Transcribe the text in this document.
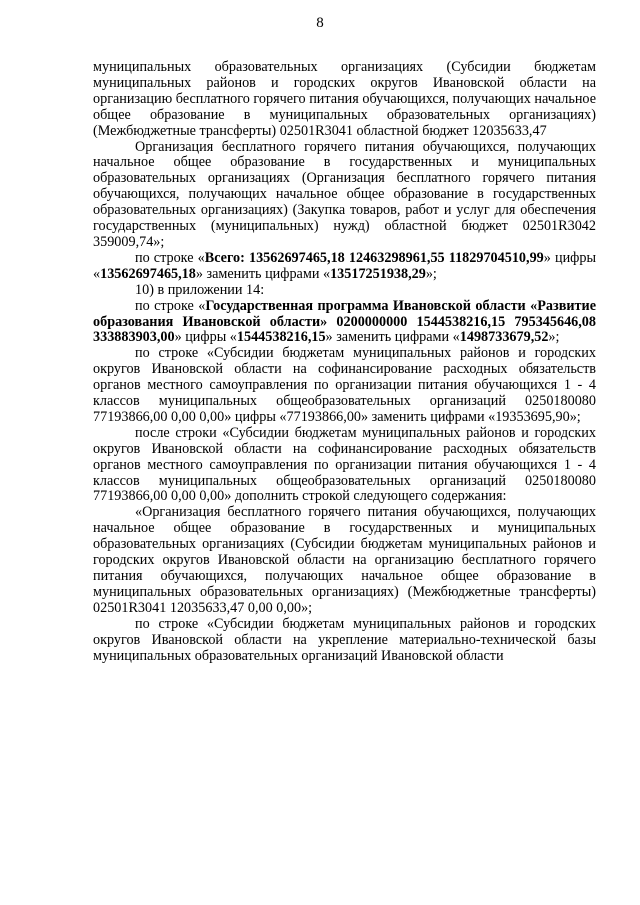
8

муниципальных образовательных организациях (Субсидии бюджетам муниципальных районов и городских округов Ивановской области на организацию бесплатного горячего питания обучающихся, получающих начальное общее образование в муниципальных образовательных организациях) (Межбюджетные трансферты) 02501R3041 областной бюджет 12035633,47

Организация бесплатного горячего питания обучающихся, получающих начальное общее образование в государственных и муниципальных образовательных организациях (Организация бесплатного горячего питания обучающихся, получающих начальное общее образование в государственных образовательных организациях) (Закупка товаров, работ и услуг для обеспечения государственных (муниципальных) нужд) областной бюджет 02501R3042 359009,74»;

по строке «Всего: 13562697465,18 12463298961,55 11829704510,99» цифры «13562697465,18» заменить цифрами «13517251938,29»;

10) в приложении 14:

по строке «Государственная программа Ивановской области «Развитие образования Ивановской области» 0200000000 1544538216,15 795345646,08 333883903,00» цифры «1544538216,15» заменить цифрами «1498733679,52»;

по строке «Субсидии бюджетам муниципальных районов и городских округов Ивановской области на софинансирование расходных обязательств органов местного самоуправления по организации питания обучающихся 1 - 4 классов муниципальных общеобразовательных организаций 0250180080 77193866,00 0,00 0,00» цифры «77193866,00» заменить цифрами «19353695,90»;

после строки «Субсидии бюджетам муниципальных районов и городских округов Ивановской области на софинансирование расходных обязательств органов местного самоуправления по организации питания обучающихся 1 - 4 классов муниципальных общеобразовательных организаций 0250180080 77193866,00 0,00 0,00» дополнить строкой следующего содержания:

«Организация бесплатного горячего питания обучающихся, получающих начальное общее образование в государственных и муниципальных образовательных организациях (Субсидии бюджетам муниципальных районов и городских округов Ивановской области на организацию бесплатного горячего питания обучающихся, получающих начальное общее образование в муниципальных образовательных организациях) (Межбюджетные трансферты) 02501R3041 12035633,47 0,00 0,00»;

по строке «Субсидии бюджетам муниципальных районов и городских округов Ивановской области на укрепление материально-технической базы муниципальных образовательных организаций Ивановской области
